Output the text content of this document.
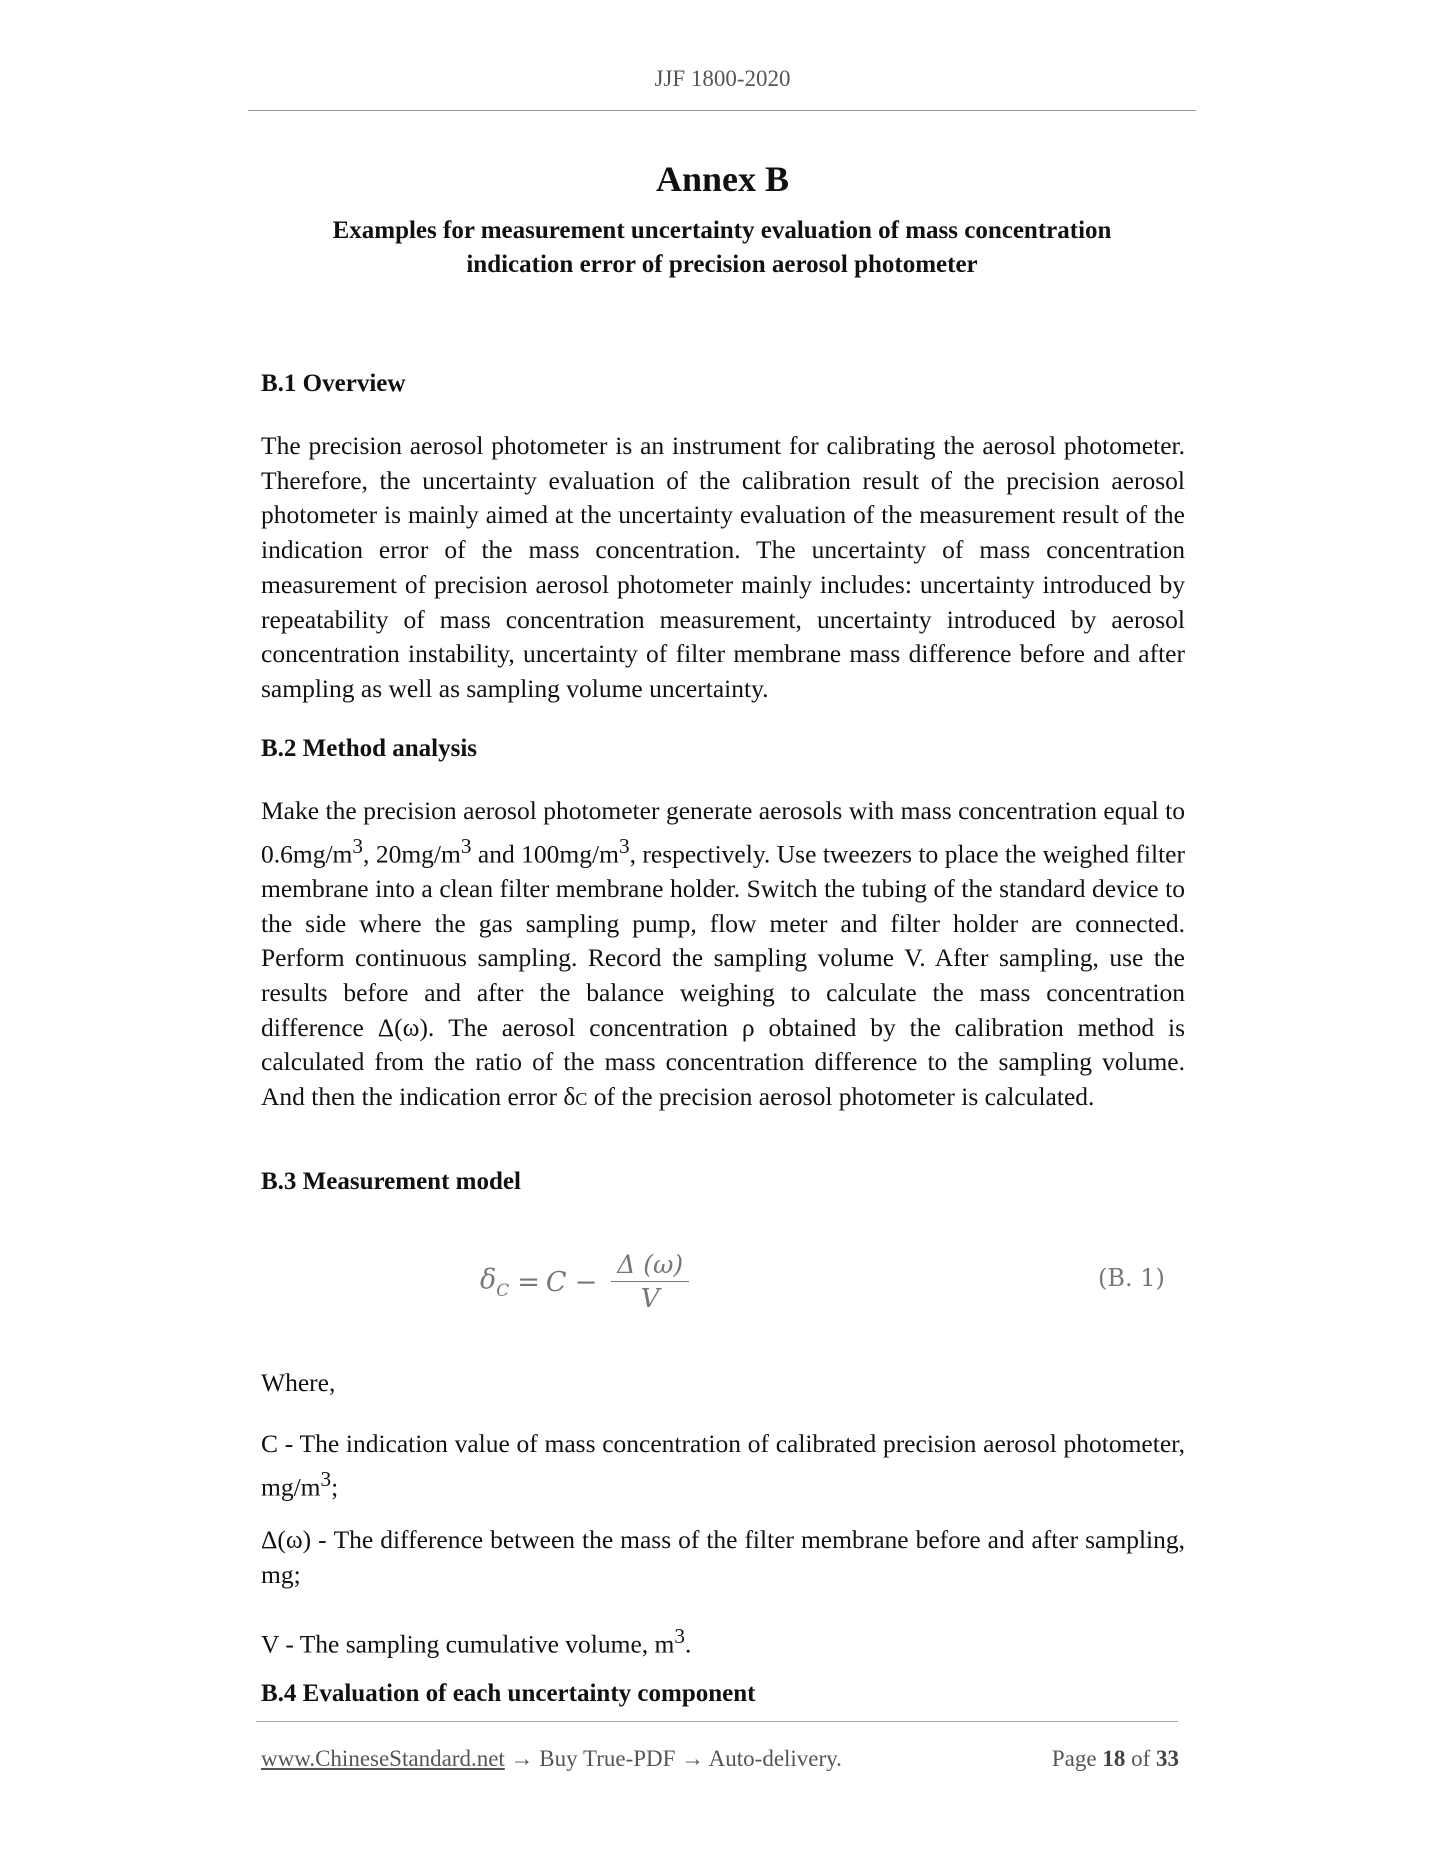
JJF 1800-2020
Annex B
Examples for measurement uncertainty evaluation of mass concentration
indication error of precision aerosol photometer
B.1 Overview
The precision aerosol photometer is an instrument for calibrating the aerosol photometer. Therefore, the uncertainty evaluation of the calibration result of the precision aerosol photometer is mainly aimed at the uncertainty evaluation of the measurement result of the indication error of the mass concentration. The uncertainty of mass concentration measurement of precision aerosol photometer mainly includes: uncertainty introduced by repeatability of mass concentration measurement, uncertainty introduced by aerosol concentration instability, uncertainty of filter membrane mass difference before and after sampling as well as sampling volume uncertainty.
B.2 Method analysis
Make the precision aerosol photometer generate aerosols with mass concentration equal to $0.6mg/m^3$, $20mg/m^3$ and $100mg/m^3$, respectively. Use tweezers to place the weighed filter membrane into a clean filter membrane holder. Switch the tubing of the standard device to the side where the gas sampling pump, flow meter and filter holder are connected. Perform continuous sampling. Record the sampling volume V. After sampling, use the results before and after the balance weighing to calculate the mass concentration difference Δ(ω). The aerosol concentration ρ obtained by the calibration method is calculated from the ratio of the mass concentration difference to the sampling volume. And then the indication error δC of the precision aerosol photometer is calculated.
B.3 Measurement model
$\delta_C = C - \frac{\Delta (\omega)}{V}$	(B. 1)
Where,
C - The indication value of mass concentration of calibrated precision aerosol photometer, $mg/m^3$;
Δ(ω) - The difference between the mass of the filter membrane before and after sampling, mg;
V - The sampling cumulative volume, $m^3$.
B.4 Evaluation of each uncertainty component
www.ChineseStandard.net → Buy True-PDF → Auto-delivery.	Page 18 of 33
